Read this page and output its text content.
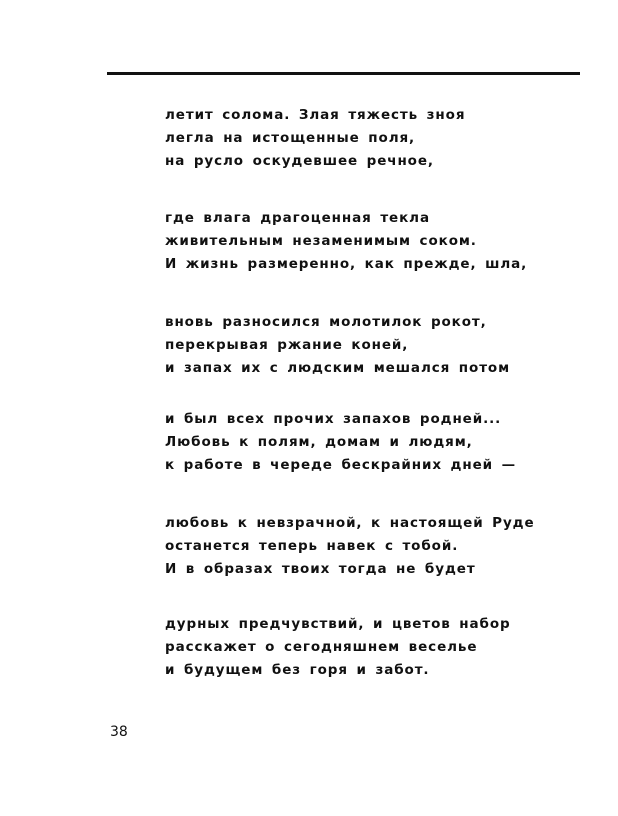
летит солома. Злая тяжесть зноя
легла на истощенные поля,
на русло оскудевшее речное,
где влага драгоценная текла
живительным незаменимым соком.
И жизнь размеренно, как прежде, шла,
вновь разносился молотилок рокот,
перекрывая ржание коней,
и запах их с людским мешался потом
и был всех прочих запахов родней...
Любовь к полям, домам и людям,
к работе в череде бескрайних дней —
любовь к невзрачной, к настоящей Руде
останется теперь навек с тобой.
И в образах твоих тогда не будет
дурных предчувствий, и цветов набор
расскажет о сегодняшнем веселье
и будущем без горя и забот.
38
